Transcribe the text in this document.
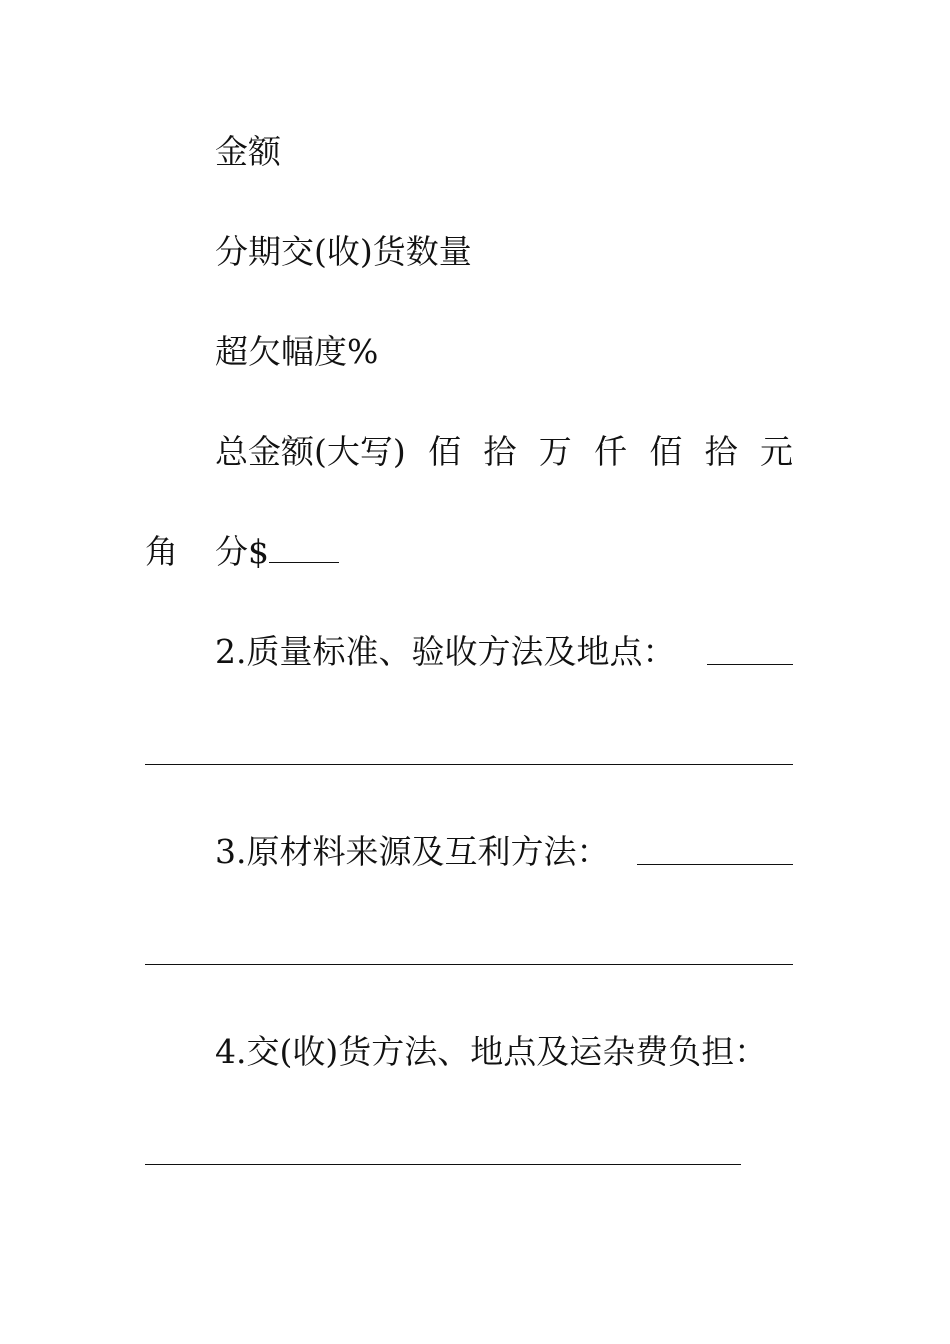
金额
分期交(收)货数量
超欠幅度%
总金额(大写) 佰 拾 万 仟 佰 拾 元
角 分$
2.质量标准、验收方法及地点：
3.原材料来源及互利方法：
4.交(收)货方法、地点及运杂费负担：
